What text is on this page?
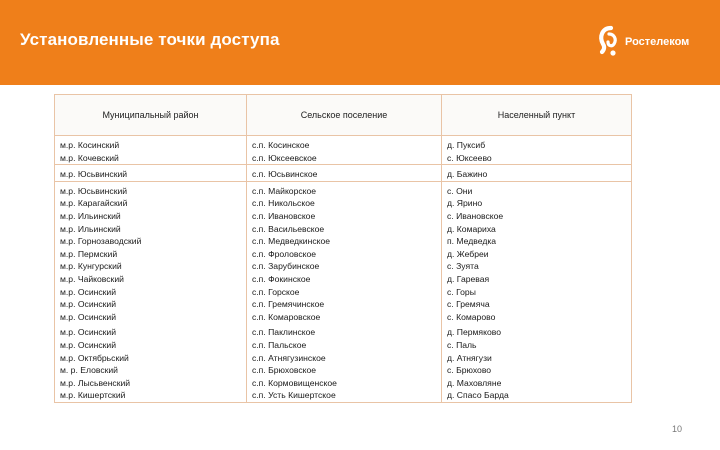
Установленные точки доступа	Ростелеком
Муниципальный район	Сельское поселение	Населенный пункт
м.р. Косинский	с.п. Косинское	д. Пуксиб
м.р. Кочевский	с.п. Юксеевское	с. Юксеево
м.р. Юсьвинский	с.п. Юсьвинское	д. Бажино
м.р. Юсьвинский	с.п. Майкорское	с. Они
м.р. Карагайский	с.п. Никольское	д. Ярино
м.р. Ильинский	с.п. Ивановское	с. Ивановское
м.р. Ильинский	с.п. Васильевское	д. Комариха
м.р. Горнозаводский	с.п. Медведкинское	п. Медведка
м.р. Пермский	с.п. Фроловское	д. Жебреи
м.р. Кунгурский	с.п. Зарубинское	с. Зуята
м.р. Чайковский	с.п. Фокинское	д. Гаревая
м.р. Осинский	с.п. Горское	с. Горы
м.р. Осинский	с.п. Гремячинское	с. Гремяча
м.р. Осинский	с.п. Комаровское	с. Комарово
м.р. Осинский	с.п. Паклинское	д. Пермяково
м.р. Осинский	с.п. Пальское	с. Паль
м.р. Октябрьский	с.п. Атнягузинское	д. Атнягузи
м. р. Еловский	с.п. Брюховское	с. Брюхово
м.р. Лысьвенский	с.п. Кормовищенское	д. Маховляне
м.р. Кишертский	с.п. Усть Кишертское	д. Спасо Барда
10
